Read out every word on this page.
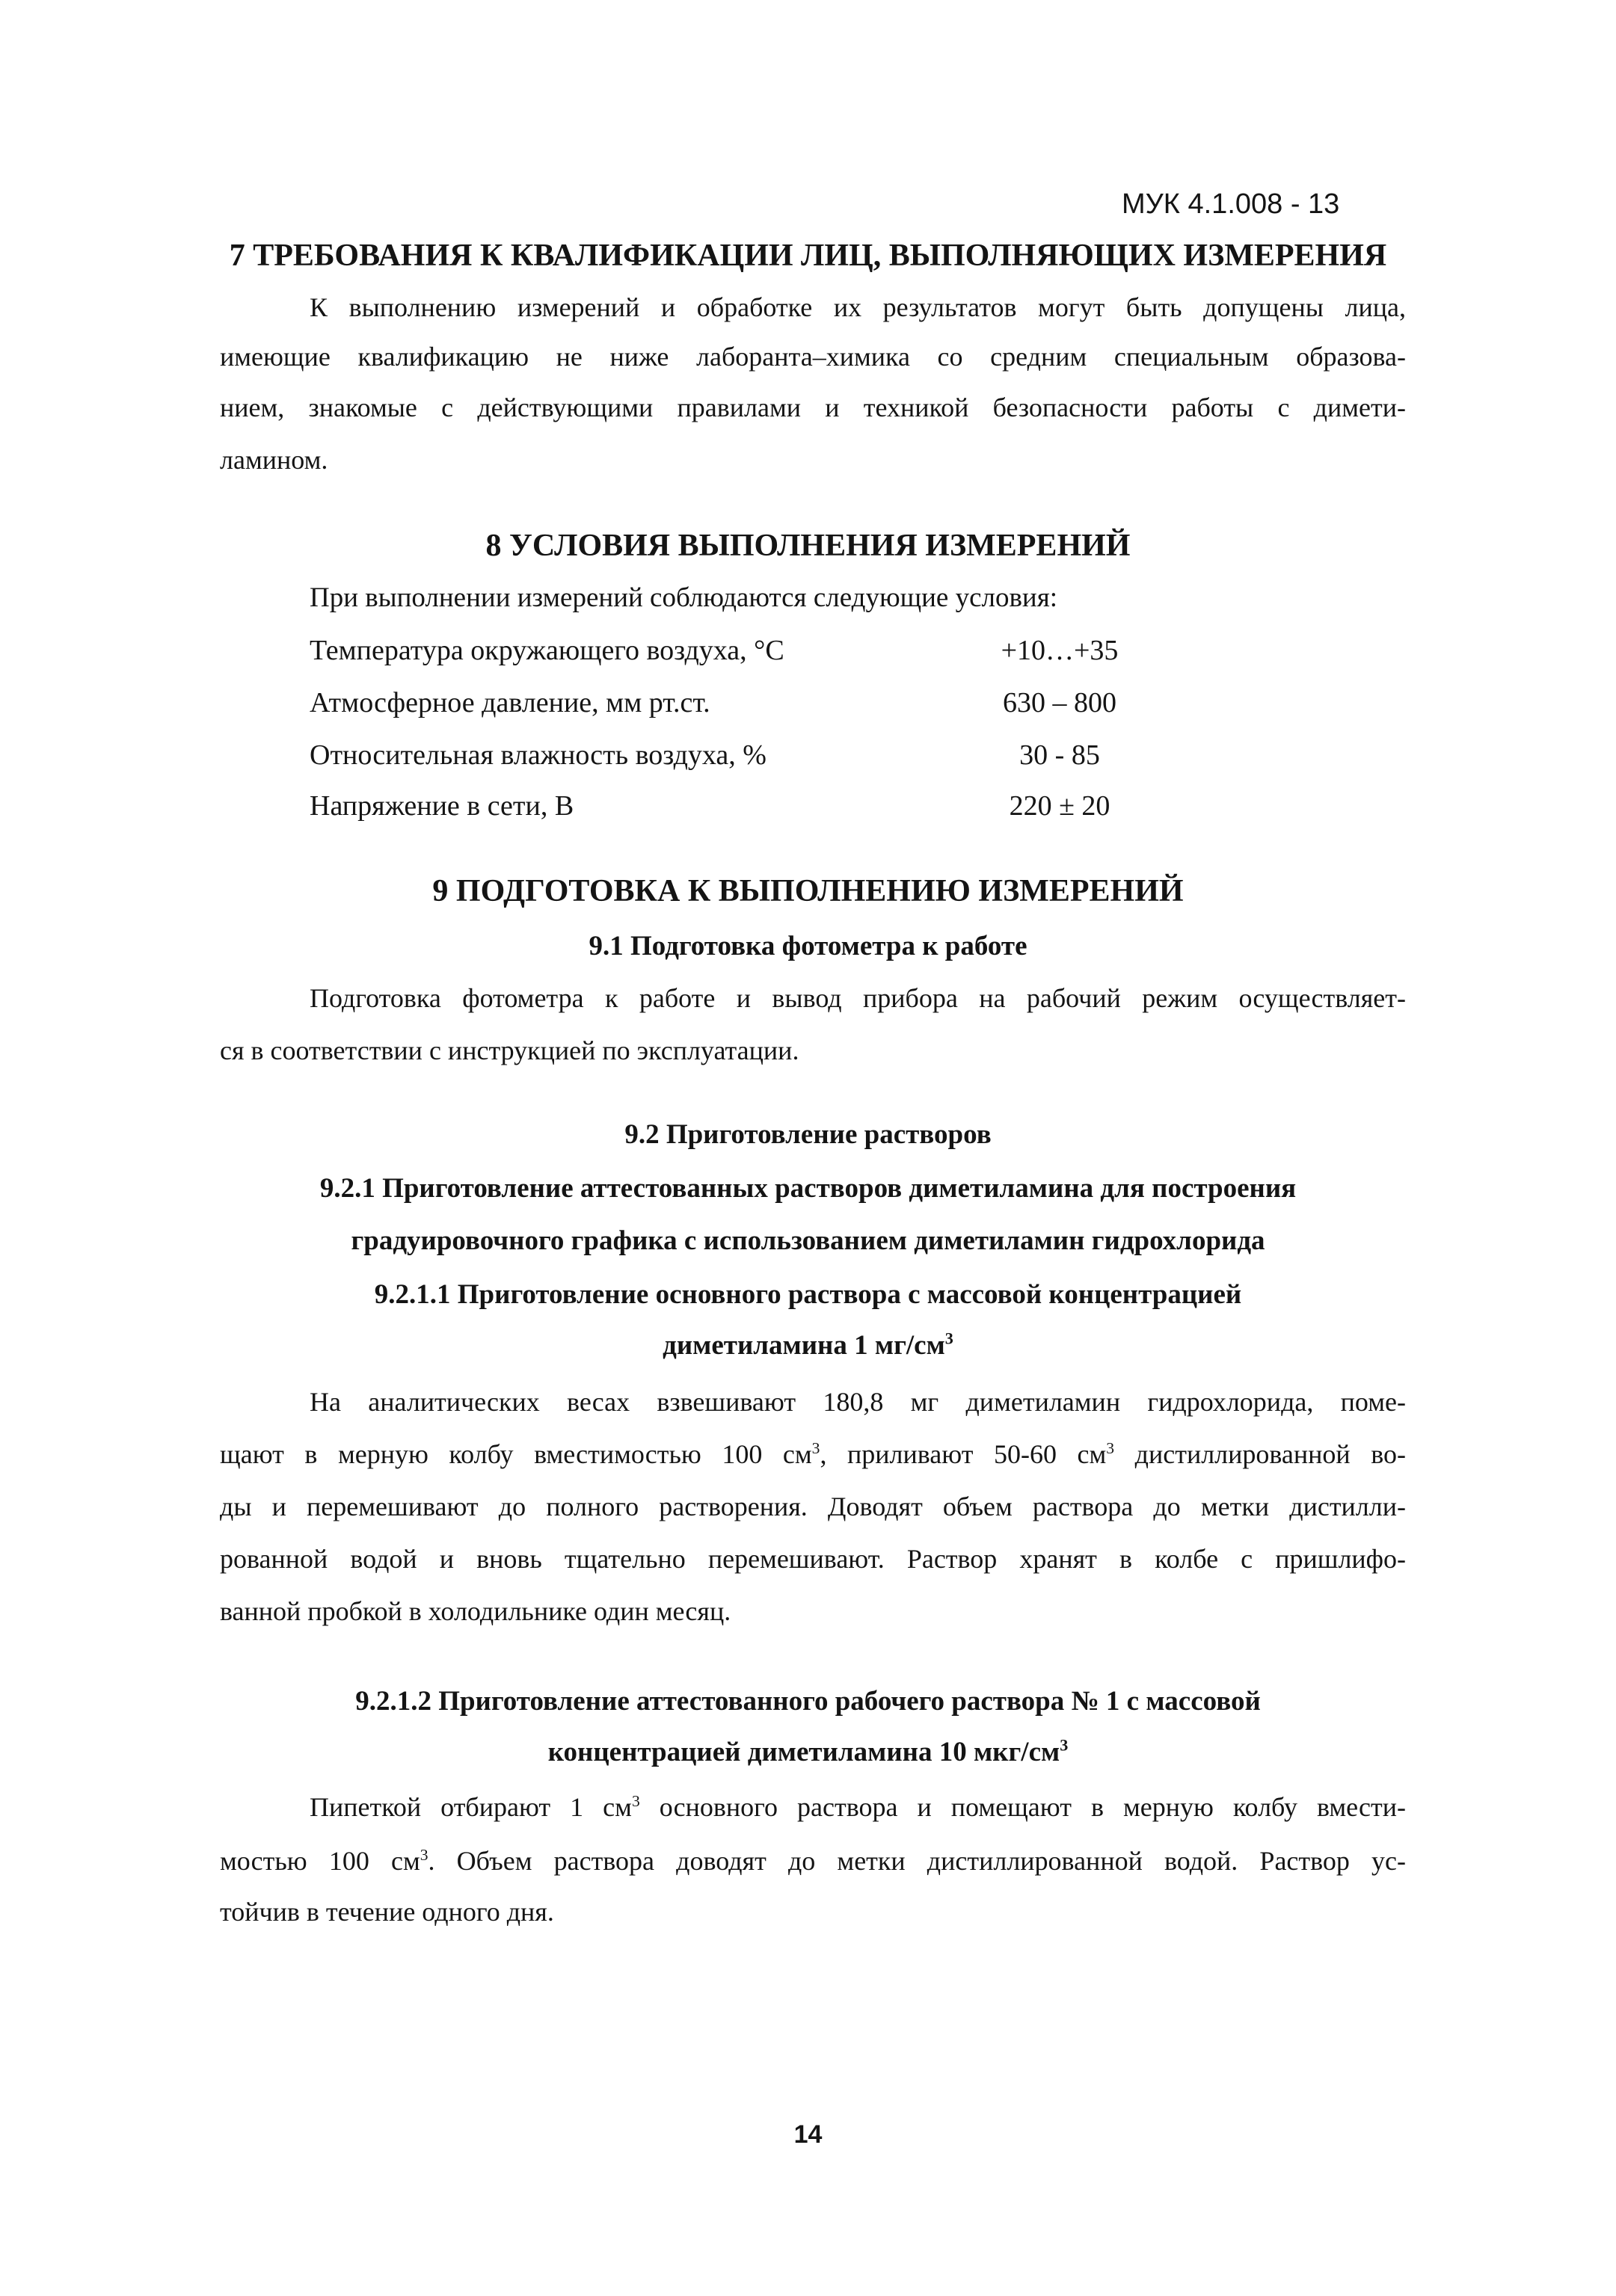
МУК 4.1.008 - 13
7 ТРЕБОВАНИЯ К КВАЛИФИКАЦИИ ЛИЦ, ВЫПОЛНЯЮЩИХ ИЗМЕРЕНИЯ
К выполнению измерений и обработке их результатов могут быть допущены лица,
имеющие квалификацию не ниже лаборанта–химика со средним специальным образова-
нием, знакомые с действующими правилами и техникой безопасности работы с димети-
ламином.
8 УСЛОВИЯ ВЫПОЛНЕНИЯ ИЗМЕРЕНИЙ
При выполнении измерений соблюдаются следующие условия:
Температура окружающего воздуха, °С	+10…+35
Атмосферное давление, мм рт.ст.	630 – 800
Относительная влажность воздуха, %	30 - 85
Напряжение в сети, В	220 ± 20
9 ПОДГОТОВКА К ВЫПОЛНЕНИЮ ИЗМЕРЕНИЙ
9.1 Подготовка фотометра к работе
Подготовка фотометра к работе и вывод прибора на рабочий режим осуществляет-
ся в соответствии с инструкцией по эксплуатации.
9.2 Приготовление растворов
9.2.1 Приготовление аттестованных растворов диметиламина для построения
градуировочного графика с использованием диметиламин гидрохлорида
9.2.1.1 Приготовление основного раствора с массовой концентрацией
диметиламина 1 $мг/см^3$
На аналитических весах взвешивают 180,8 мг диметиламин гидрохлорида, поме-
щают в мерную колбу вместимостью 100 $см^3$, приливают 50-60 $см^3$ дистиллированной во-
ды и перемешивают до полного растворения. Доводят объем раствора до метки дистилли-
рованной водой и вновь тщательно перемешивают. Раствор хранят в колбе с пришлифо-
ванной пробкой в холодильнике один месяц.
9.2.1.2 Приготовление аттестованного рабочего раствора № 1 с массовой
концентрацией диметиламина 10 мкг/$см^3$
Пипеткой отбирают 1 $см^3$ основного раствора и помещают в мерную колбу вмести-
мостью 100 $см^3$. Объем раствора доводят до метки дистиллированной водой. Раствор ус-
тойчив в течение одного дня.
14
